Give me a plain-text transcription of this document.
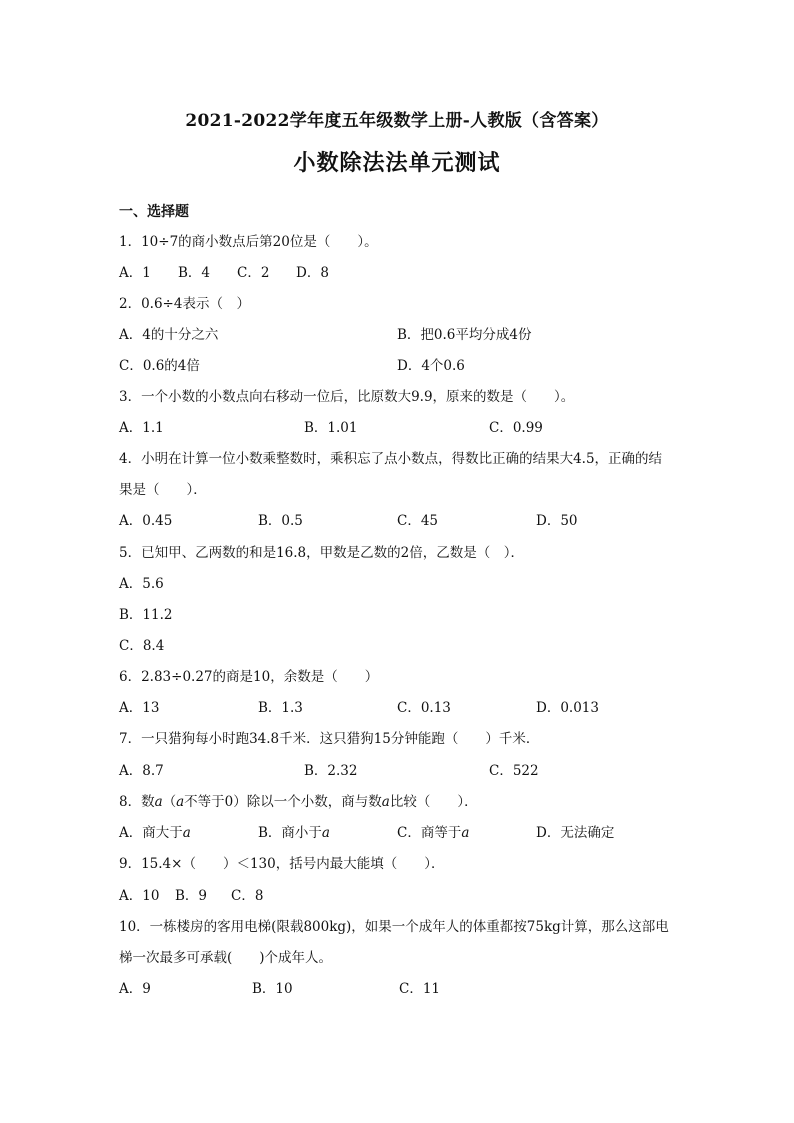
2021-2022学年度五年级数学上册-人教版（含答案）
小数除法法单元测试
一、选择题
1．10÷7的商小数点后第20位是（　　）。
A．1 B．4 C．2 D．8
2．0.6÷4表示（　）
A．4的十分之六	B．把0.6平均分成4份
C．0.6的4倍	D．4个0.6
3．一个小数的小数点向右移动一位后，比原数大9.9，原来的数是（　　）。
A．1.1	B．1.01	C．0.99
4．小明在计算一位小数乘整数时，乘积忘了点小数点，得数比正确的结果大4.5，正确的结
果是（　　）．
A．0.45	B．0.5	C．45	D．50
5．已知甲、乙两数的和是16.8，甲数是乙数的2倍，乙数是（　）．
A．5.6
B．11.2
C．8.4
6．2.83÷0.27的商是10，余数是（　　）
A．13	B．1.3	C．0.13	D．0.013
7．一只猎狗每小时跑34.8千米．这只猎狗15分钟能跑（　　）千米．
A．8.7	B．2.32	C．522
8．数𝑎（𝑎不等于0）除以一个小数，商与数𝑎比较（　　）．
A．商大于𝑎	B．商小于𝑎	C．商等于𝑎	D．无法确定
9．15.4×（　　）＜130，括号内最大能填（　　）．
A．10 B．9 C．8
10．一栋楼房的客用电梯(限载800kg)，如果一个成年人的体重都按75kg计算，那么这部电
梯一次最多可承载(　　)个成年人。
A．9	B．10	C．11
